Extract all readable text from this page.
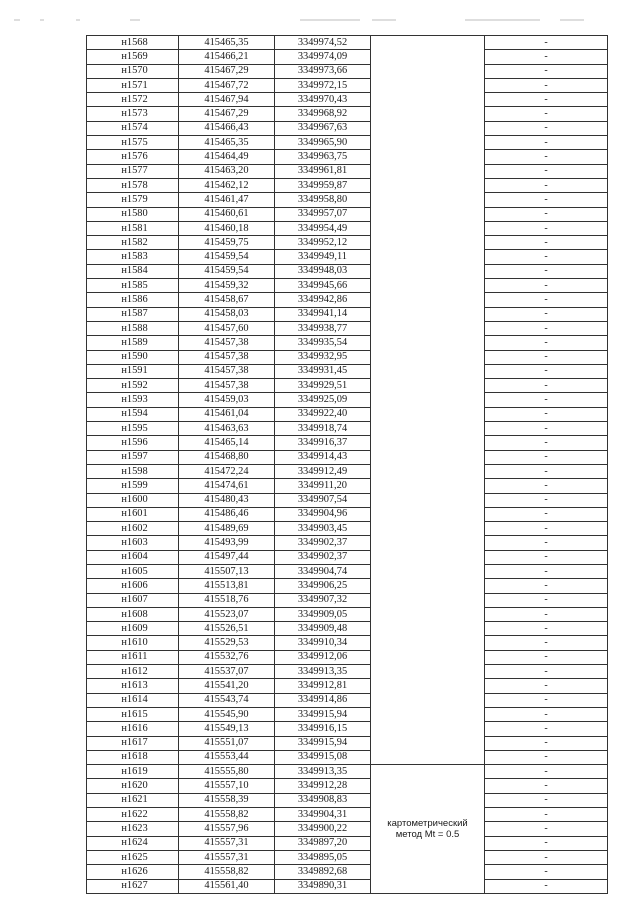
н1568	415465,35	3349974,52		-
н1569	415466,21	3349974,09		-
н1570	415467,29	3349973,66		-
н1571	415467,72	3349972,15		-
н1572	415467,94	3349970,43		-
н1573	415467,29	3349968,92		-
н1574	415466,43	3349967,63		-
н1575	415465,35	3349965,90		-
н1576	415464,49	3349963,75		-
н1577	415463,20	3349961,81		-
н1578	415462,12	3349959,87		-
н1579	415461,47	3349958,80		-
н1580	415460,61	3349957,07		-
н1581	415460,18	3349954,49		-
н1582	415459,75	3349952,12		-
н1583	415459,54	3349949,11		-
н1584	415459,54	3349948,03		-
н1585	415459,32	3349945,66		-
н1586	415458,67	3349942,86		-
н1587	415458,03	3349941,14		-
н1588	415457,60	3349938,77		-
н1589	415457,38	3349935,54		-
н1590	415457,38	3349932,95		-
н1591	415457,38	3349931,45		-
н1592	415457,38	3349929,51		-
н1593	415459,03	3349925,09		-
н1594	415461,04	3349922,40		-
н1595	415463,63	3349918,74		-
н1596	415465,14	3349916,37		-
н1597	415468,80	3349914,43		-
н1598	415472,24	3349912,49		-
н1599	415474,61	3349911,20		-
н1600	415480,43	3349907,54		-
н1601	415486,46	3349904,96		-
н1602	415489,69	3349903,45		-
н1603	415493,99	3349902,37		-
н1604	415497,44	3349902,37		-
н1605	415507,13	3349904,74		-
н1606	415513,81	3349906,25		-
н1607	415518,76	3349907,32		-
н1608	415523,07	3349909,05		-
н1609	415526,51	3349909,48		-
н1610	415529,53	3349910,34		-
н1611	415532,76	3349912,06		-
н1612	415537,07	3349913,35		-
н1613	415541,20	3349912,81		-
н1614	415543,74	3349914,86		-
н1615	415545,90	3349915,94		-
н1616	415549,13	3349916,15		-
н1617	415551,07	3349915,94		-
н1618	415553,44	3349915,08		-
н1619	415555,80	3349913,35	картометрический
метод Mt = 0.5	-
н1620	415557,10	3349912,28		-
н1621	415558,39	3349908,83		-
н1622	415558,82	3349904,31		-
н1623	415557,96	3349900,22		-
н1624	415557,31	3349897,20		-
н1625	415557,31	3349895,05		-
н1626	415558,82	3349892,68		-
н1627	415561,40	3349890,31		-
